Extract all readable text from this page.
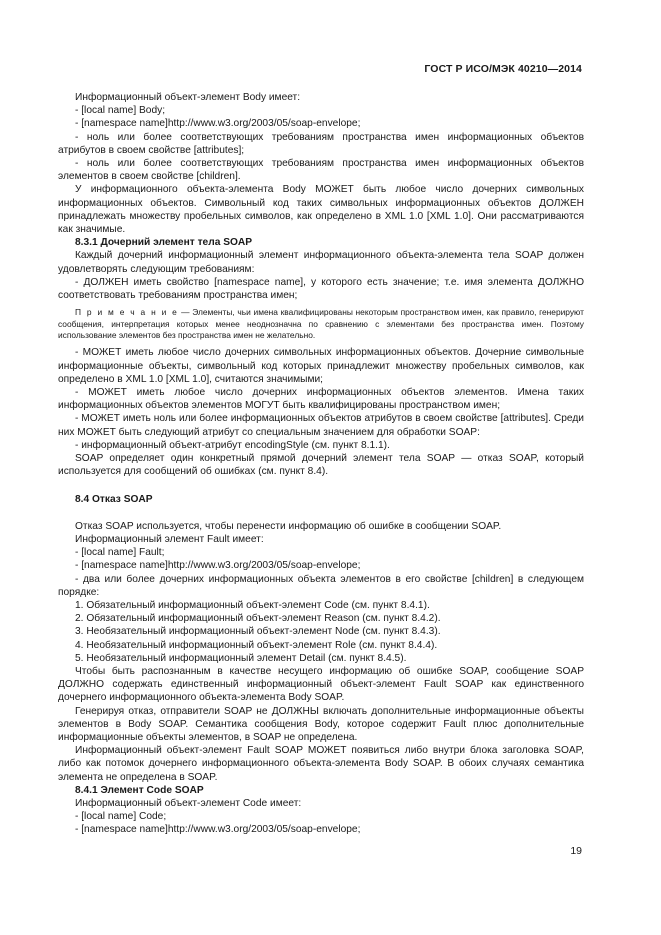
ГОСТ Р ИСО/МЭК 40210—2014

Информационный объект-элемент Body имеет:

- [local name] Body;

- [namespace name]http://www.w3.org/2003/05/soap-envelope;

- ноль или более соответствующих требованиям пространства имен информационных объектов атрибутов в своем свойстве [attributes];

- ноль или более соответствующих требованиям пространства имен информационных объектов элементов в своем свойстве [children].

У информационного объекта-элемента Body МОЖЕТ быть любое число дочерних символьных информационных объектов. Символьный код таких символьных информационных объектов ДОЛЖЕН принадлежать множеству пробельных символов, как определено в XML 1.0 [XML 1.0]. Они рассматриваются как значимые.

8.3.1 Дочерний элемент тела SOAP

Каждый дочерний информационный элемент информационного объекта-элемента тела SOAP должен удовлетворять следующим требованиям:

- ДОЛЖЕН иметь свойство [namespace name], у которого есть значение; т.е. имя элемента ДОЛЖНО соответствовать требованиям пространства имен;

П р и м е ч а н и е — Элементы, чьи имена квалифицированы некоторым пространством имен, как правило, генерируют сообщения, интерпретация которых менее неоднозначна по сравнению с элементами без пространства имен. Поэтому использование элементов без пространства имен не желательно.

- МОЖЕТ иметь любое число дочерних символьных информационных объектов. Дочерние символьные информационные объекты, символьный код которых принадлежит множеству пробельных символов, как определено в XML 1.0 [XML 1.0], считаются значимыми;

- МОЖЕТ иметь любое число дочерних информационных объектов элементов. Имена таких информационных объектов элементов МОГУТ быть квалифицированы пространством имен;

- МОЖЕТ иметь ноль или более информационных объектов атрибутов в своем свойстве [attributes]. Среди них МОЖЕТ быть следующий атрибут со специальным значением для обработки SOAP:

- информационный объект-атрибут encodingStyle (см. пункт 8.1.1).

SOAP определяет один конкретный прямой дочерний элемент тела SOAP — отказ SOAP, который используется для сообщений об ошибках (см. пункт 8.4).

8.4 Отказ SOAP

Отказ SOAP используется, чтобы перенести информацию об ошибке в сообщении SOAP.

Информационный элемент Fault имеет:

- [local name] Fault;

- [namespace name]http://www.w3.org/2003/05/soap-envelope;

- два или более дочерних информационных объекта элементов в его свойстве [children] в следующем порядке:

1. Обязательный информационный объект-элемент Code (см. пункт 8.4.1).

2. Обязательный информационный объект-элемент Reason (см. пункт 8.4.2).

3. Необязательный информационный объект-элемент Node (см. пункт 8.4.3).

4. Необязательный информационный объект-элемент Role (см. пункт 8.4.4).

5. Необязательный информационный элемент Detail (см. пункт 8.4.5).

Чтобы быть распознанным в качестве несущего информацию об ошибке SOAP, сообщение SOAP ДОЛЖНО содержать единственный информационный объект-элемент Fault SOAP как единственного дочернего информационного объекта-элемента Body SOAP.

Генерируя отказ, отправители SOAP не ДОЛЖНЫ включать дополнительные информационные объекты элементов в Body SOAP. Семантика сообщения Body, которое содержит Fault плюс дополнительные информационные объекты элементов, в SOAP не определена.

Информационный объект-элемент Fault SOAP МОЖЕТ появиться либо внутри блока заголовка SOAP, либо как потомок дочернего информационного объекта-элемента Body SOAP. В обоих случаях семантика элемента не определена в SOAP.

8.4.1 Элемент Code SOAP

Информационный объект-элемент Code имеет:

- [local name] Code;

- [namespace name]http://www.w3.org/2003/05/soap-envelope;

19
